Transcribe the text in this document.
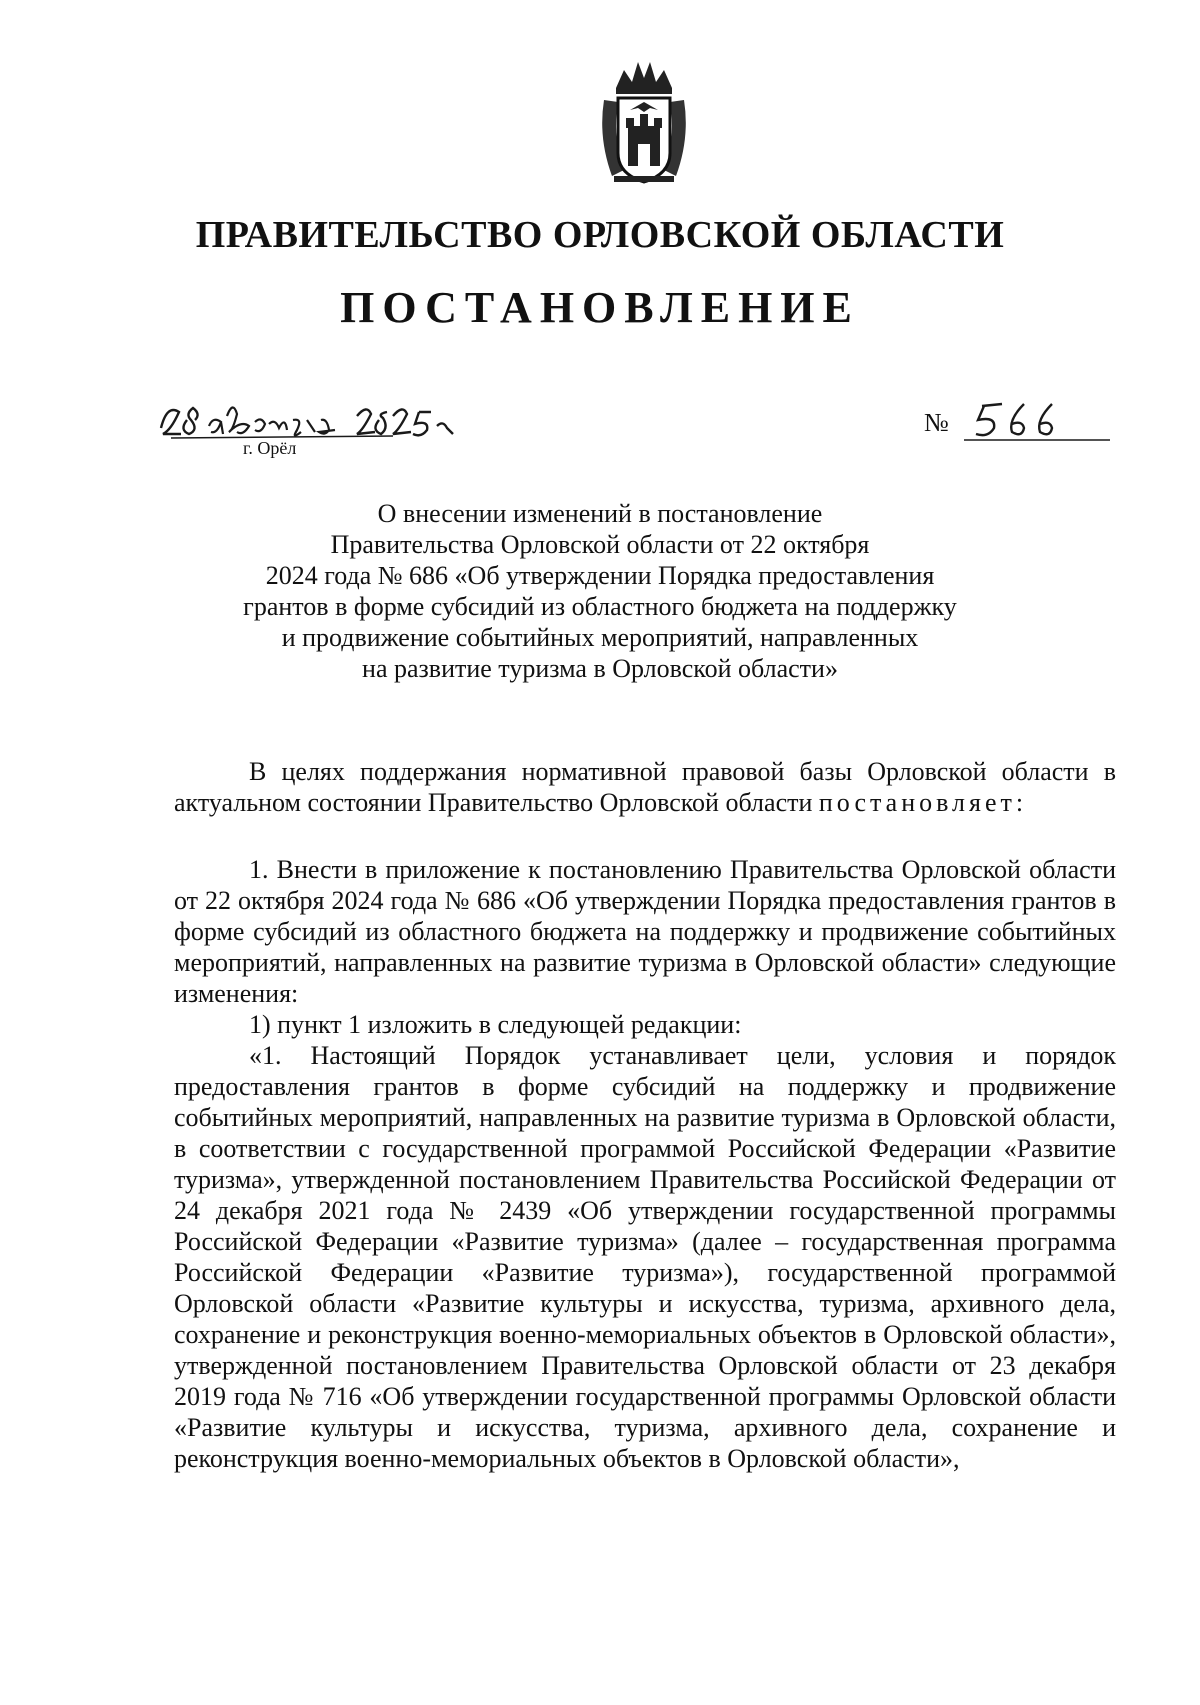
ПРАВИТЕЛЬСТВО ОРЛОВСКОЙ ОБЛАСТИ
ПОСТАНОВЛЕНИЕ
г. Орёл
№
О внесении изменений в постановление
Правительства Орловской области от 22 октября
2024 года № 686 «Об утверждении Порядка предоставления
грантов в форме субсидий из областного бюджета на поддержку
и продвижение событийных мероприятий, направленных
на развитие туризма в Орловской области»

В целях поддержания нормативной правовой базы Орловской области в актуальном состоянии Правительство Орловской области постановляет:

1. Внести в приложение к постановлению Правительства Орловской области от 22 октября 2024 года № 686 «Об утверждении Порядка предоставления грантов в форме субсидий из областного бюджета на поддержку и продвижение событийных мероприятий, направленных на развитие туризма в Орловской области» следующие изменения:

1) пункт 1 изложить в следующей редакции:

«1. Настоящий Порядок устанавливает цели, условия и порядок предоставления грантов в форме субсидий на поддержку и продвижение событийных мероприятий, направленных на развитие туризма в Орловской области, в соответствии с государственной программой Российской Федерации «Развитие туризма», утвержденной постановлением Правительства Российской Федерации от 24 декабря 2021 года № 2439 «Об утверждении государственной программы Российской Федерации «Развитие туризма» (далее – государственная программа Российской Федерации «Развитие туризма»), государственной программой Орловской области «Развитие культуры и искусства, туризма, архивного дела, сохранение и реконструкция военно-мемориальных объектов в Орловской области», утвержденной постановлением Правительства Орловской области от 23 декабря 2019 года № 716 «Об утверждении государственной программы Орловской области «Развитие культуры и искусства, туризма, архивного дела, сохранение и реконструкция военно-мемориальных объектов в Орловской области»,
